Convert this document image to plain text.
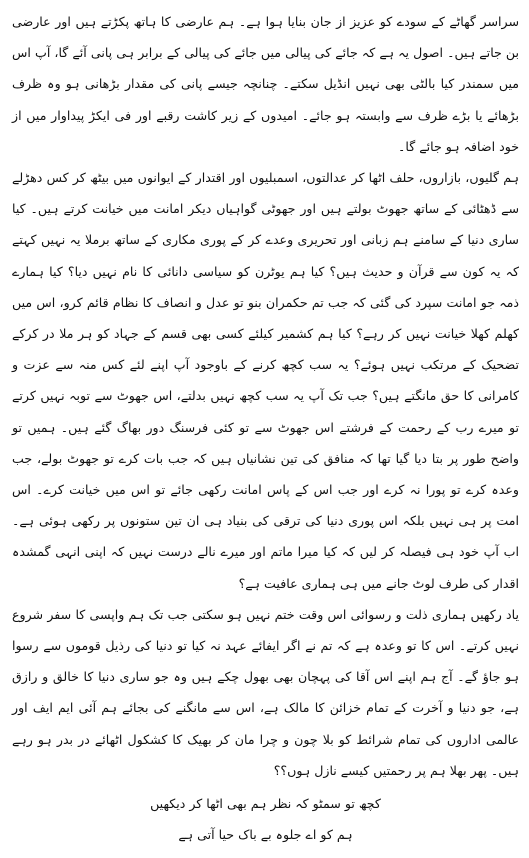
سراسر گھاٹے کے سودے کو عزیز از جان بنایا ہوا ہے۔ ہم عارضی کا ہاتھ پکڑتے ہیں اور عارضی بن جاتے ہیں۔ اصول یہ ہے کہ جائے کی پیالی میں جائے کی پیالی کے برابر ہی پانی آئے گا، آپ اس میں سمندر کیا بالٹی بھی نہیں انڈیل سکتے۔ چنانچہ جیسے پانی کی مقدار بڑھانی ہو وہ ظرف بڑھائے یا بڑے ظرف سے وابستہ ہو جائے۔ امیدوں کے زیر کاشت رقبے اور فی ایکڑ پیداوار میں از خود اضافہ ہو جائے گا۔

ہم گلیوں، بازاروں، حلف اٹھا کر عدالتوں، اسمبلیوں اور اقتدار کے ایوانوں میں بیٹھ کر کس دھڑلے سے ڈھٹائی کے ساتھ جھوٹ بولتے ہیں اور جھوٹی گواہیاں دیکر امانت میں خیانت کرتے ہیں۔ کیا ساری دنیا کے سامنے ہم زبانی اور تحریری وعدے کر کے پوری مکاری کے ساتھ برملا یہ نہیں کہتے کہ یہ کون سے قرآن و حدیث ہیں؟ کیا ہم یوٹرن کو سیاسی دانائی کا نام نہیں دیا؟ کیا ہمارے ذمہ جو امانت سپرد کی گئی کہ جب تم حکمران بنو تو عدل و انصاف کا نظام قائم کرو، اس میں کھلم کھلا خیانت نہیں کر رہے؟ کیا ہم کشمیر کیلئے کسی بھی قسم کے جہاد کو ہر ملا در کرکے تضحیک کے مرتکب نہیں ہوئے؟ یہ سب کچھ کرنے کے باوجود آپ اپنے لئے کس منہ سے عزت و کامرانی کا حق مانگتے ہیں؟ جب تک آپ یہ سب کچھ نہیں بدلتے، اس جھوٹ سے توبہ نہیں کرتے تو میرے رب کے رحمت کے فرشتے اس جھوٹ سے تو کئی فرسنگ دور بھاگ گئے ہیں۔ ہمیں تو واضح طور پر بتا دیا گیا تھا کہ منافق کی تین نشانیاں ہیں کہ جب بات کرے تو جھوٹ بولے، جب وعدہ کرے تو پورا نہ کرے اور جب اس کے پاس امانت رکھی جائے تو اس میں خیانت کرے۔ اس امت پر ہی نہیں بلکہ اس پوری دنیا کی ترقی کی بنیاد ہی ان تین ستونوں پر رکھی ہوئی ہے۔ اب آپ خود ہی فیصلہ کر لیں کہ کیا میرا ماتم اور میرے نالے درست نہیں کہ اپنی انہی گمشدہ اقدار کی طرف لوٹ جانے میں ہی ہماری عافیت ہے؟

یاد رکھیں ہماری ذلت و رسوائی اس وقت ختم نہیں ہو سکتی جب تک ہم واپسی کا سفر شروع نہیں کرتے۔ اس کا تو وعدہ ہے کہ تم نے اگر ایفائے عہد نہ کیا تو دنیا کی رذیل قوموں سے رسوا ہو جاؤ گے۔ آج ہم اپنے اس آقا کی پہچان بھی بھول چکے ہیں وہ جو ساری دنیا کا خالق و رازق ہے، جو دنیا و آخرت کے تمام خزائن کا مالک ہے، اس سے مانگنے کی بجائے ہم آئی ایم ایف اور عالمی اداروں کی تمام شرائط کو بلا چون و چرا مان کر بھیک کا کشکول اٹھائے در بدر ہو رہے ہیں۔ پھر بھلا ہم پر رحمتیں کیسے نازل ہوں؟؟

کچھ تو سمٹو کہ نظر ہم بھی اٹھا کر دیکھیں
ہم کو اے جلوہ بے باک حیا آتی ہے
